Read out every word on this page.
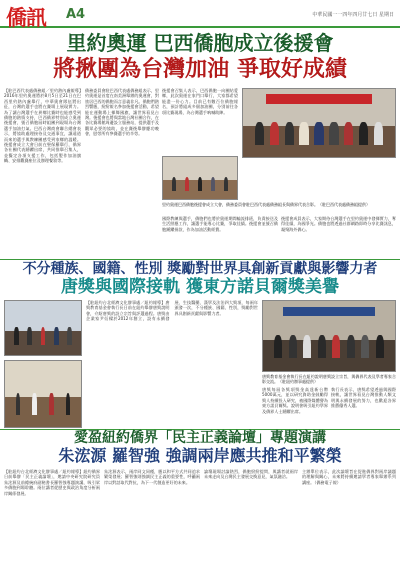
僑訊 A4	中華民國一一四年四月廿七日 星期日
里約奧運 巴西僑胞成立後援會
將揪團為台灣加油 爭取好成績
【駐巴西代表處僑務組／里約熱內盧報導】2016年里約奧運將於8月5日至21日在巴西里約熱內盧舉行，中華奧會隊伍將出征，台灣的選手也將在賽場上展現實力。為了讓台灣選手在異鄉比賽時也能感受到僑胞的熱情支持，巴西僑界特別成立奧運後援會，號召僑胞屆時組團到現場為台灣選手加油打氣。巴西台灣商會聯合總會表示，將協助處理接待及交通事宜，讓遠道而來的選手與教練團感受到家鄉的溫暖。後援會成立大會日前在聖保羅舉行，僑界各社團代表踴躍出席，共同推舉召集人，並擬定各項支援工作，包括製作加油旗幟、安排觀賽座位及辦理餐敘等。
僑務委員會駐巴西代表處僑務組表示，里約奧運是首度在南美洲舉辦的奧運會，對旅居巴西的僑胞而言意義非凡。僑胞們熱烈響應，紛紛報名參加後援會活動，希望能在運動場上揮舞國旗，讓世界看見台灣。後援會也將與當地台灣社團合作，在各比賽場館周邊設立服務站，提供選手及觀眾必要的協助，並在賽後舉辦慶功晚會，慰勞所有參賽選手的辛勞。
後援會召集人表示，巴西僑胞一向團結愛鄉，此次奧運在家門口舉行，大家都希望能盡一份心力。目前已有數百位僑胞報名，預計將組成多個加油團，分別前往各項比賽現場，為台灣選手吶喊助陣。
里約奧運巴西僑胞後援會成立大會，僑務委員會駐巴西代表處僑務組長與僑界代表合影。（駐巴西代表處僑務組提供）
國際教練與選手，僑胞們也將於奧運期間輪流排班，負責接送及生活照應工作，讓選手能專心比賽，爭取佳績。後援會並號召僑胞踴躍捐款，作為加油活動經費。
後援會成員表示，大家期待台灣選手在里約奧運中發揮實力，奪得佳績，為國爭光。僑胞也將透過社群網路即時分享比賽訊息，凝聚海外僑心。
不分種族、國籍、性別 獎勵對世界具創新貢獻與影響力者
唐獎與國際接軌 獲東方諾貝爾獎美譽
【駐紐約台北經濟文化辦事處／紐約報導】唐獎教育基金會執行長日前在紐約舉辦唐獎說明會，介紹唐獎的設立宗旨與評選過程。唐獎由企業家尹衍樑於2012年創立，設有永續發展、生技醫藥、漢學及法治四大獎項，每兩年頒發一次，不分種族、國籍、性別，獎勵對世界具創新貢獻與影響力者。
唐獎教育基金會執行長在紐約說明唐獎設立宗旨，與僑界代表及學者專家合影交流。（駐紐約辦事處提供）
唐獎每屆各獎項獎金高達新台幣5000萬元，並以研究資助金鼓勵得獎人持續投入研究，被國際媒體譽為東方諾貝爾獎。說明會吸引紐約學界及僑界人士踴躍出席。
執行長表示，唐獎希望透過與國際接軌，讓世界看見台灣推動人類文明與永續發展的努力，也歡迎各界推薦優秀人選。
愛盈紐約僑界「民主正義論壇」專題演講
朱浤源 羅智強 強調兩岸應共推和平繁榮
【駐紐約台北經濟文化辦事處／紐約報導】紐約僑界日前舉辦「民主正義論壇」，邀請中央研究院研究員朱浤源及前總統府副秘書長羅智強專題演講，吸引眾多僑胞到場聆聽。兩位講者從歷史與政治角度分析兩岸關係發展。
朱浤源表示，兩岸同文同種，應以和平方式共同追求繁榮發展；羅智強則強調民主正義的重要性，呼籲兩岸以對話取代對抗，為下一代創造更好的未來。
論壇現場討論熱烈，僑胞紛紛提問，與講者就兩岸未來走向及台灣民主發展交換意見，氣氛融洽。
主辦單位表示，此次論壇旨在促進僑界對兩岸議題的理解與關心，未來將持續邀請學者專家舉辦系列講座。（僑務電子報）
